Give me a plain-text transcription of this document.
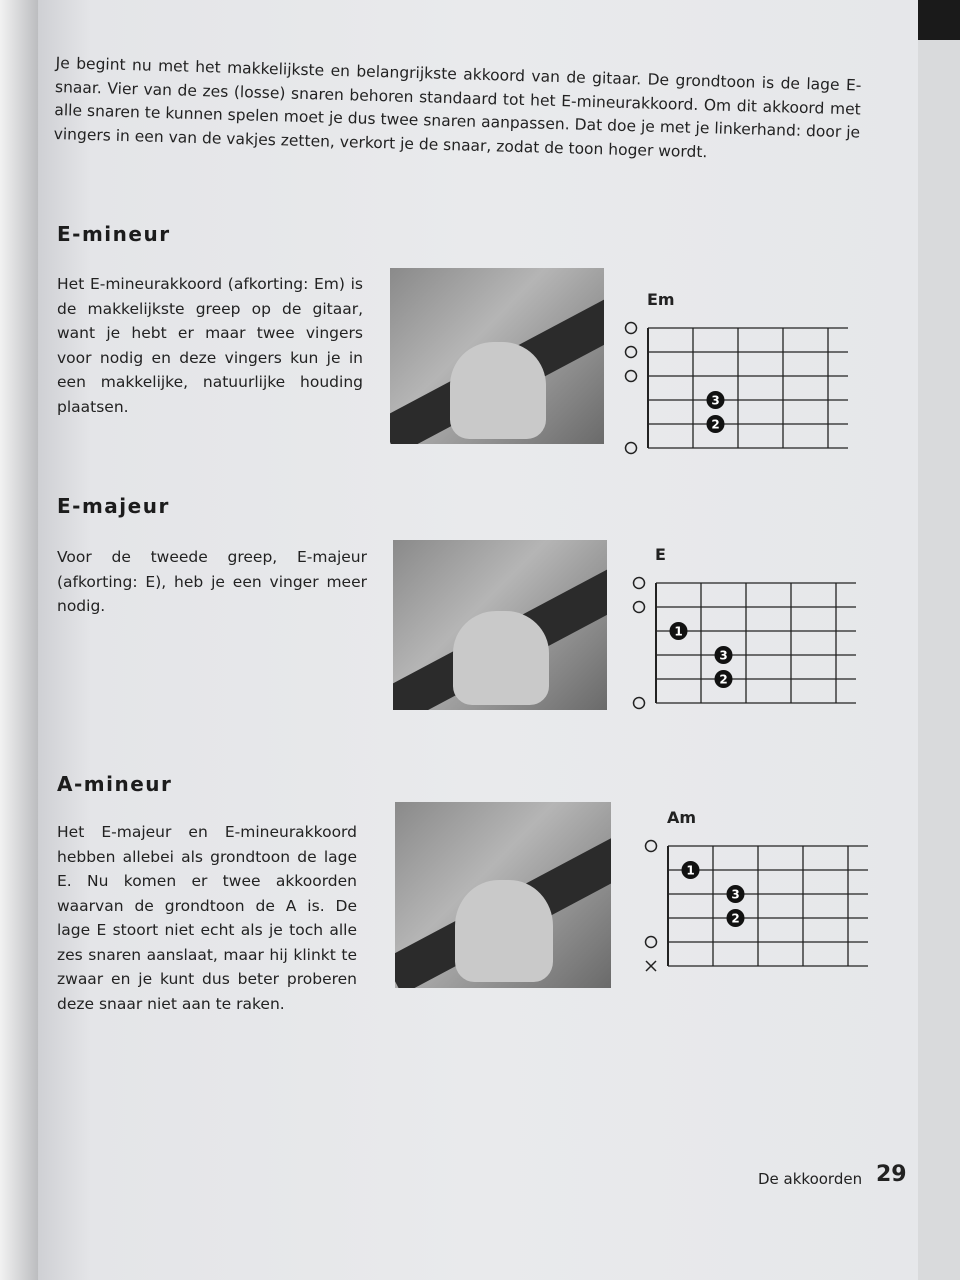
Je begint nu met het makkelijkste en belangrijkste akkoord van de gitaar. De grondtoon is de lage E-snaar. Vier van de zes (losse) snaren behoren standaard tot het E-mineurakkoord. Om dit akkoord met alle snaren te kunnen spelen moet je dus twee snaren aanpassen. Dat doe je met je linkerhand: door je vingers in een van de vakjes zetten, verkort je de snaar, zodat de toon hoger wordt.
E-mineur
Het E-mineurakkoord (afkorting: Em) is de makkelijkste greep op de gitaar, want je hebt er maar twee vingers voor nodig en deze vingers kun je in een makkelijke, natuurlijke houding plaatsen.
Em
3
2
E-majeur
Voor de tweede greep, E-majeur (afkorting: E), heb je een vinger meer nodig.
E
1
3
2
A-mineur
Het E-majeur en E-mineurakkoord hebben allebei als grondtoon de lage E. Nu komen er twee akkoorden waarvan de grondtoon de A is. De lage E stoort niet echt als je toch alle zes snaren aanslaat, maar hij klinkt te zwaar en je kunt dus beter proberen deze snaar niet aan te raken.
Am
1
3
2
De akkoorden 29
